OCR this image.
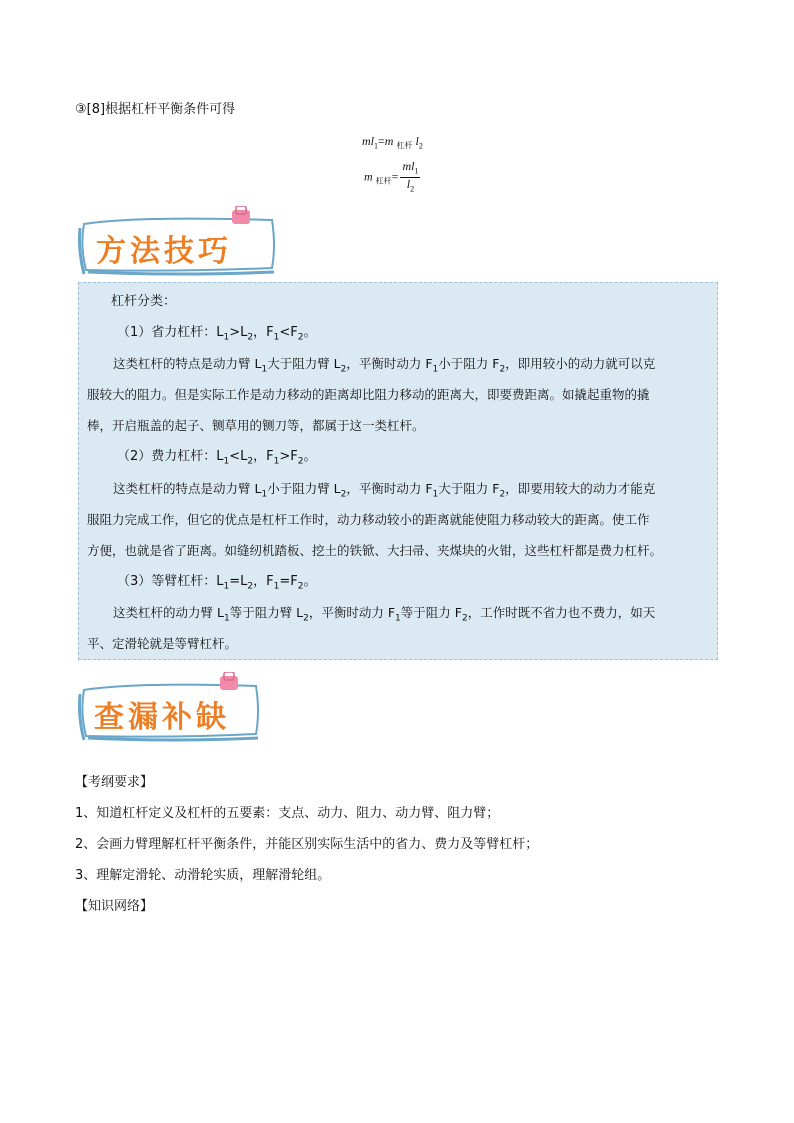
③[8]根据杠杆平衡条件可得
$ml_1=m$ $_{杠杆}$ $l_2$
m $_{杠杆}= \frac{ml_1}{l_2}$
方法技巧
杠杆分类：
（1）省力杠杆：$L_1>L_2$，$F_1<F_2$。
这类杠杆的特点是动力臂 $L_1$大于阻力臂 $L_2$，平衡时动力 $F_1$小于阻力 $F_2$，即用较小的动力就可以克
服较大的阻力。但是实际工作是动力移动的距离却比阻力移动的距离大，即要费距离。如撬起重物的撬
棒，开启瓶盖的起子、铡草用的铡刀等，都属于这一类杠杆。
（2）费力杠杆：$L_1<L_2$，$F_1>F_2$。
这类杠杆的特点是动力臂 $L_1$小于阻力臂 $L_2$，平衡时动力 $F_1$大于阻力 $F_2$，即要用较大的动力才能克
服阻力完成工作，但它的优点是杠杆工作时，动力移动较小的距离就能使阻力移动较大的距离。使工作
方便，也就是省了距离。如缝纫机踏板、挖土的铁锨、大扫帚、夹煤块的火钳，这些杠杆都是费力杠杆。
（3）等臂杠杆：$L_1=L_2$，$F_1=F_2$。
这类杠杆的动力臂 $L_1$等于阻力臂 $L_2$，平衡时动力 $F_1$等于阻力 $F_2$，工作时既不省力也不费力，如天
平、定滑轮就是等臂杠杆。
查漏补缺
【考纲要求】
1、知道杠杆定义及杠杆的五要素：支点、动力、阻力、动力臂、阻力臂；
2、会画力臂理解杠杆平衡条件，并能区别实际生活中的省力、费力及等臂杠杆；
3、理解定滑轮、动滑轮实质，理解滑轮组。
【知识网络】
